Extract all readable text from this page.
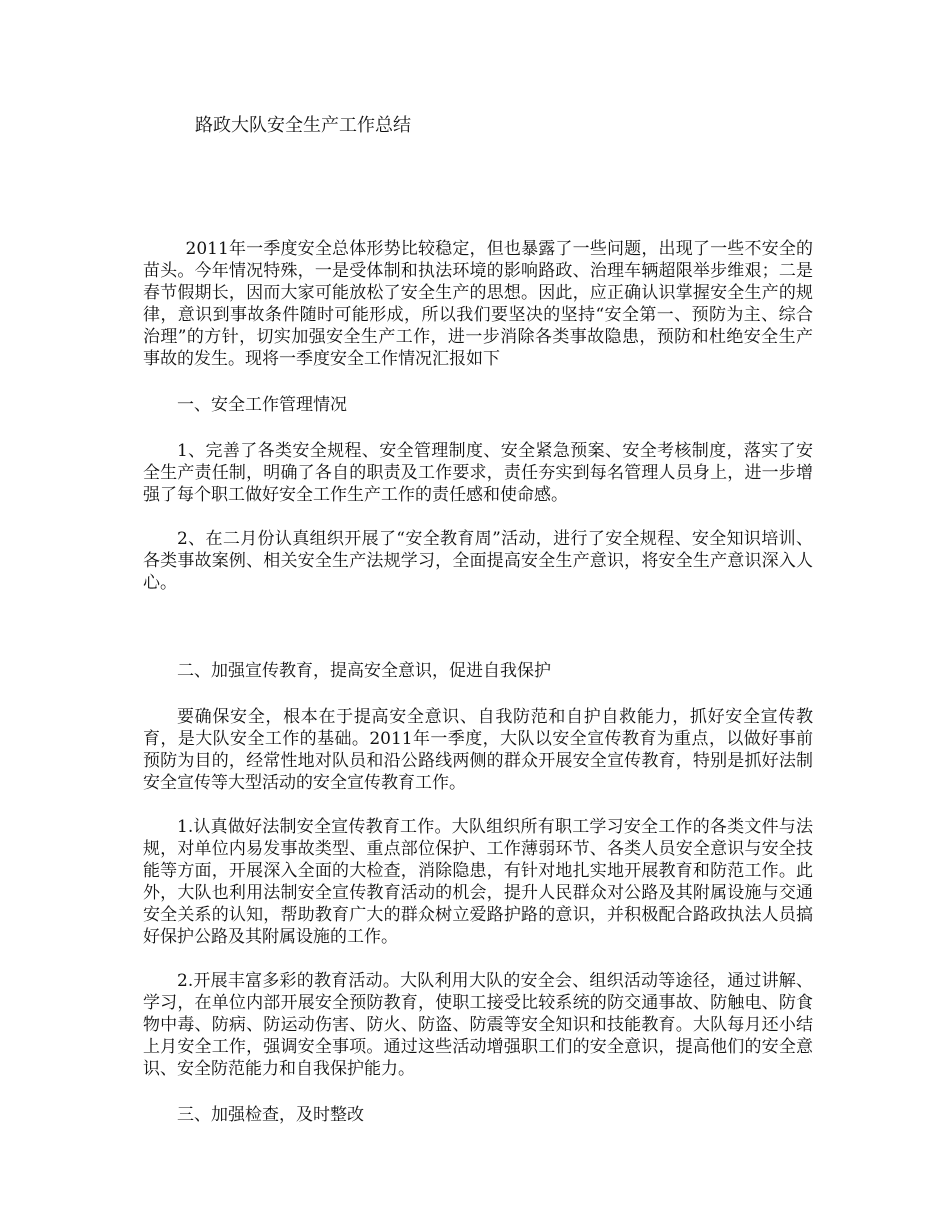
路政大队安全生产工作总结

2011年一季度安全总体形势比较稳定，但也暴露了一些问题，出现了一些不安全的苗头。今年情况特殊，一是受体制和执法环境的影响路政、治理车辆超限举步维艰；二是春节假期长，因而大家可能放松了安全生产的思想。因此，应正确认识掌握安全生产的规律，意识到事故条件随时可能形成，所以我们要坚决的坚持“安全第一、预防为主、综合治理”的方针，切实加强安全生产工作，进一步消除各类事故隐患，预防和杜绝安全生产事故的发生。现将一季度安全工作情况汇报如下

一、安全工作管理情况

1、完善了各类安全规程、安全管理制度、安全紧急预案、安全考核制度，落实了安全生产责任制，明确了各自的职责及工作要求，责任夯实到每名管理人员身上，进一步增强了每个职工做好安全工作生产工作的责任感和使命感。

2、在二月份认真组织开展了“安全教育周”活动，进行了安全规程、安全知识培训、各类事故案例、相关安全生产法规学习，全面提高安全生产意识，将安全生产意识深入人心。

二、加强宣传教育，提高安全意识，促进自我保护

要确保安全，根本在于提高安全意识、自我防范和自护自救能力，抓好安全宣传教育，是大队安全工作的基础。2011年一季度，大队以安全宣传教育为重点，以做好事前预防为目的，经常性地对队员和沿公路线两侧的群众开展安全宣传教育，特别是抓好法制安全宣传等大型活动的安全宣传教育工作。

1.认真做好法制安全宣传教育工作。大队组织所有职工学习安全工作的各类文件与法规，对单位内易发事故类型、重点部位保护、工作薄弱环节、各类人员安全意识与安全技能等方面，开展深入全面的大检查，消除隐患，有针对地扎实地开展教育和防范工作。此外，大队也利用法制安全宣传教育活动的机会，提升人民群众对公路及其附属设施与交通安全关系的认知，帮助教育广大的群众树立爱路护路的意识，并积极配合路政执法人员搞好保护公路及其附属设施的工作。

2.开展丰富多彩的教育活动。大队利用大队的安全会、组织活动等途径，通过讲解、学习，在单位内部开展安全预防教育，使职工接受比较系统的防交通事故、防触电、防食物中毒、防病、防运动伤害、防火、防盗、防震等安全知识和技能教育。大队每月还小结上月安全工作，强调安全事项。通过这些活动增强职工们的安全意识，提高他们的安全意识、安全防范能力和自我保护能力。

三、加强检查，及时整改
